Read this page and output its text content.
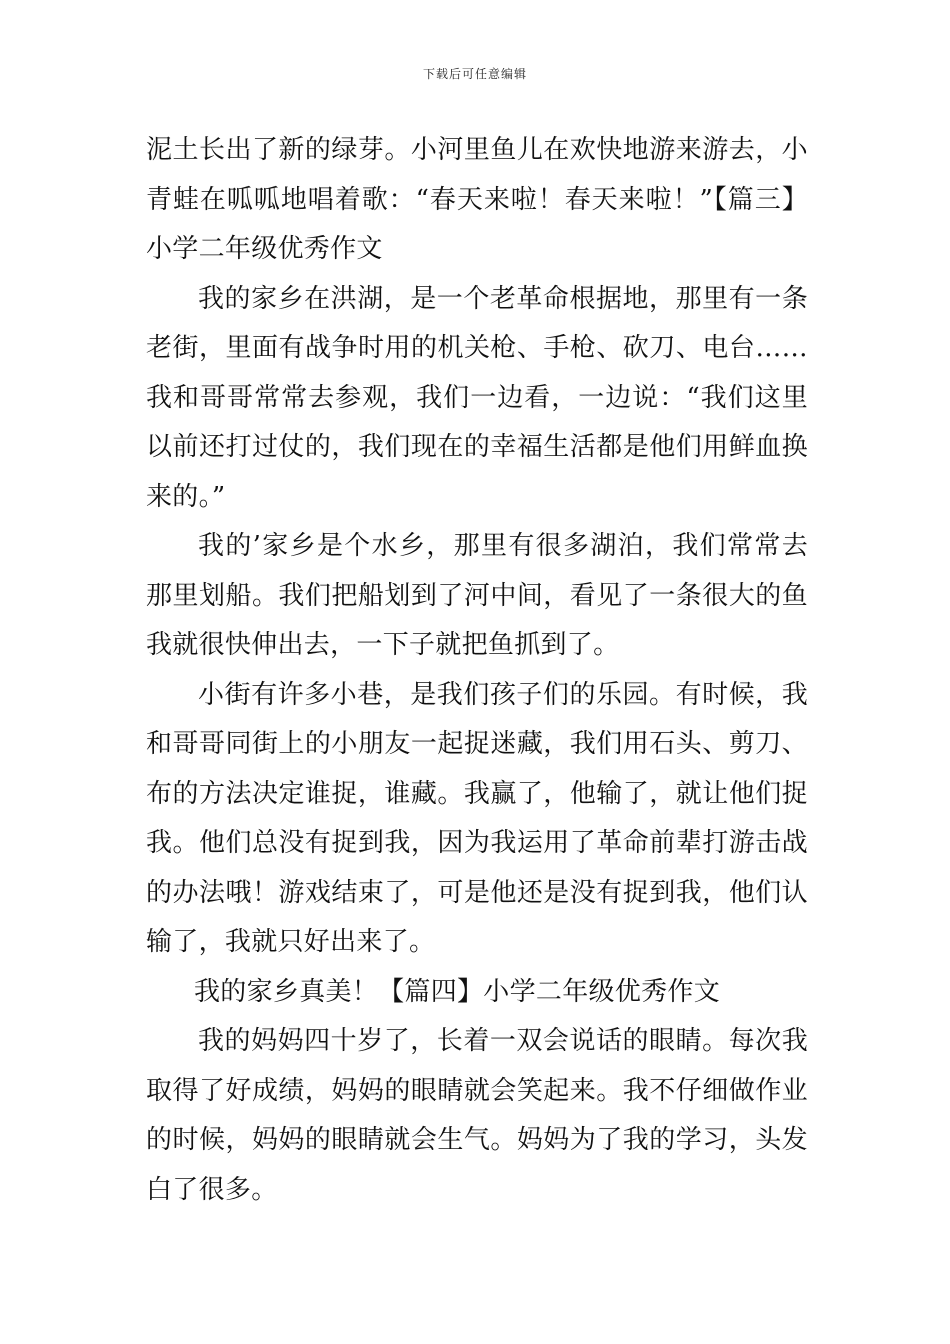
下载后可任意编辑

泥土长出了新的绿芽。小河里鱼儿在欢快地游来游去，小青蛙在呱呱地唱着歌：“春天来啦！春天来啦！”【篇三】小学二年级优秀作文

我的家乡在洪湖，是一个老革命根据地，那里有一条老街，里面有战争时用的机关枪、手枪、砍刀、电台……我和哥哥常常去参观，我们一边看，一边说：“我们这里以前还打过仗的，我们现在的幸福生活都是他们用鲜血换来的。”

我的’家乡是个水乡，那里有很多湖泊，我们常常去那里划船。我们把船划到了河中间，看见了一条很大的鱼我就很快伸出去，一下子就把鱼抓到了。

小街有许多小巷，是我们孩子们的乐园。有时候，我和哥哥同街上的小朋友一起捉迷藏，我们用石头、剪刀、布的方法决定谁捉，谁藏。我赢了，他输了，就让他们捉我。他们总没有捉到我，因为我运用了革命前辈打游击战的办法哦！游戏结束了，可是他还是没有捉到我，他们认输了，我就只好出来了。

我的家乡真美！【篇四】小学二年级优秀作文

我的妈妈四十岁了，长着一双会说话的眼睛。每次我取得了好成绩，妈妈的眼睛就会笑起来。我不仔细做作业的时候，妈妈的眼睛就会生气。妈妈为了我的学习，头发白了很多。
